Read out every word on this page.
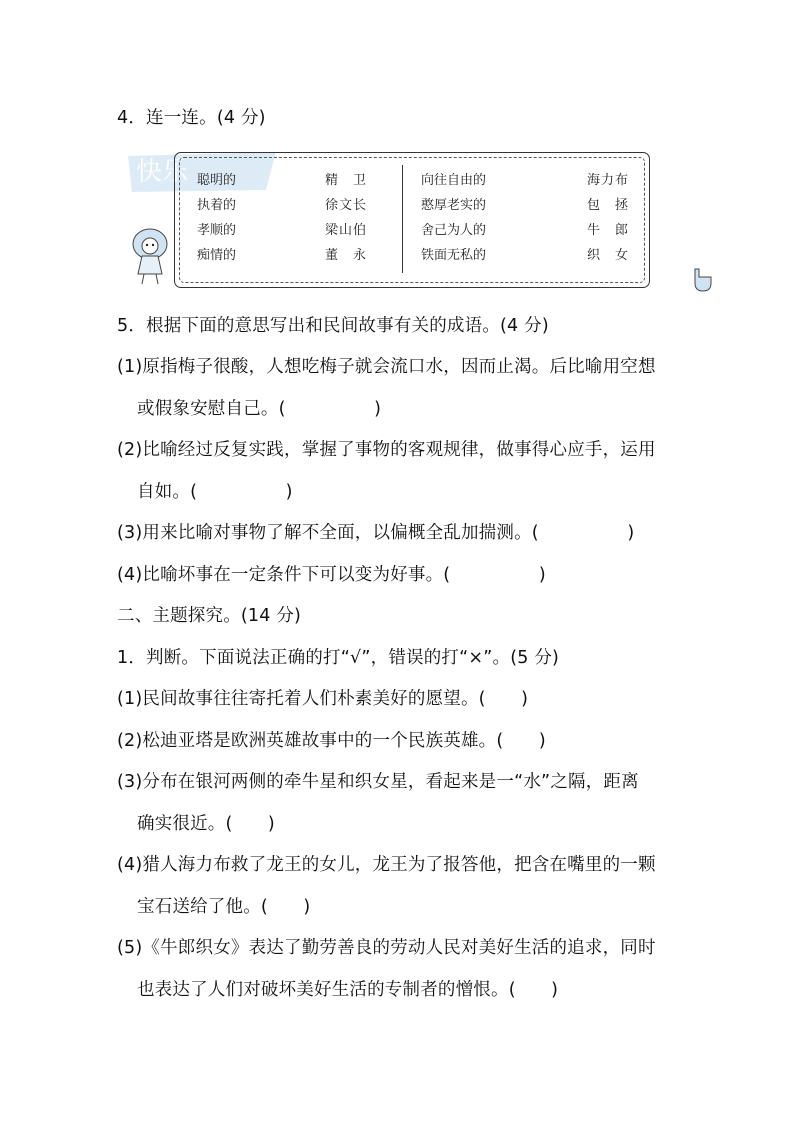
4．连一连。(4 分)
快乐 聪明的	精　卫	向往自由的	海力布
执着的	徐文长	憨厚老实的	包　拯
孝顺的	梁山伯	舍己为人的	牛　郎
痴情的	董　永	铁面无私的	织　女
5．根据下面的意思写出和民间故事有关的成语。(4 分)
(1)原指梅子很酸，人想吃梅子就会流口水，因而止渴。后比喻用空想
或假象安慰自己。(　　　　　)
(2)比喻经过反复实践，掌握了事物的客观规律，做事得心应手，运用
自如。(　　　　　)
(3)用来比喻对事物了解不全面，以偏概全乱加揣测。(　　　　　)
(4)比喻坏事在一定条件下可以变为好事。(　　　　　)
二、主题探究。(14 分)
1．判断。下面说法正确的打“√”，错误的打“×”。(5 分)
(1)民间故事往往寄托着人们朴素美好的愿望。(　　)
(2)松迪亚塔是欧洲英雄故事中的一个民族英雄。(　　)
(3)分布在银河两侧的牵牛星和织女星，看起来是一“水”之隔，距离
确实很近。(　　)
(4)猎人海力布救了龙王的女儿，龙王为了报答他，把含在嘴里的一颗
宝石送给了他。(　　)
(5)《牛郎织女》表达了勤劳善良的劳动人民对美好生活的追求，同时
也表达了人们对破坏美好生活的专制者的憎恨。(　　)
